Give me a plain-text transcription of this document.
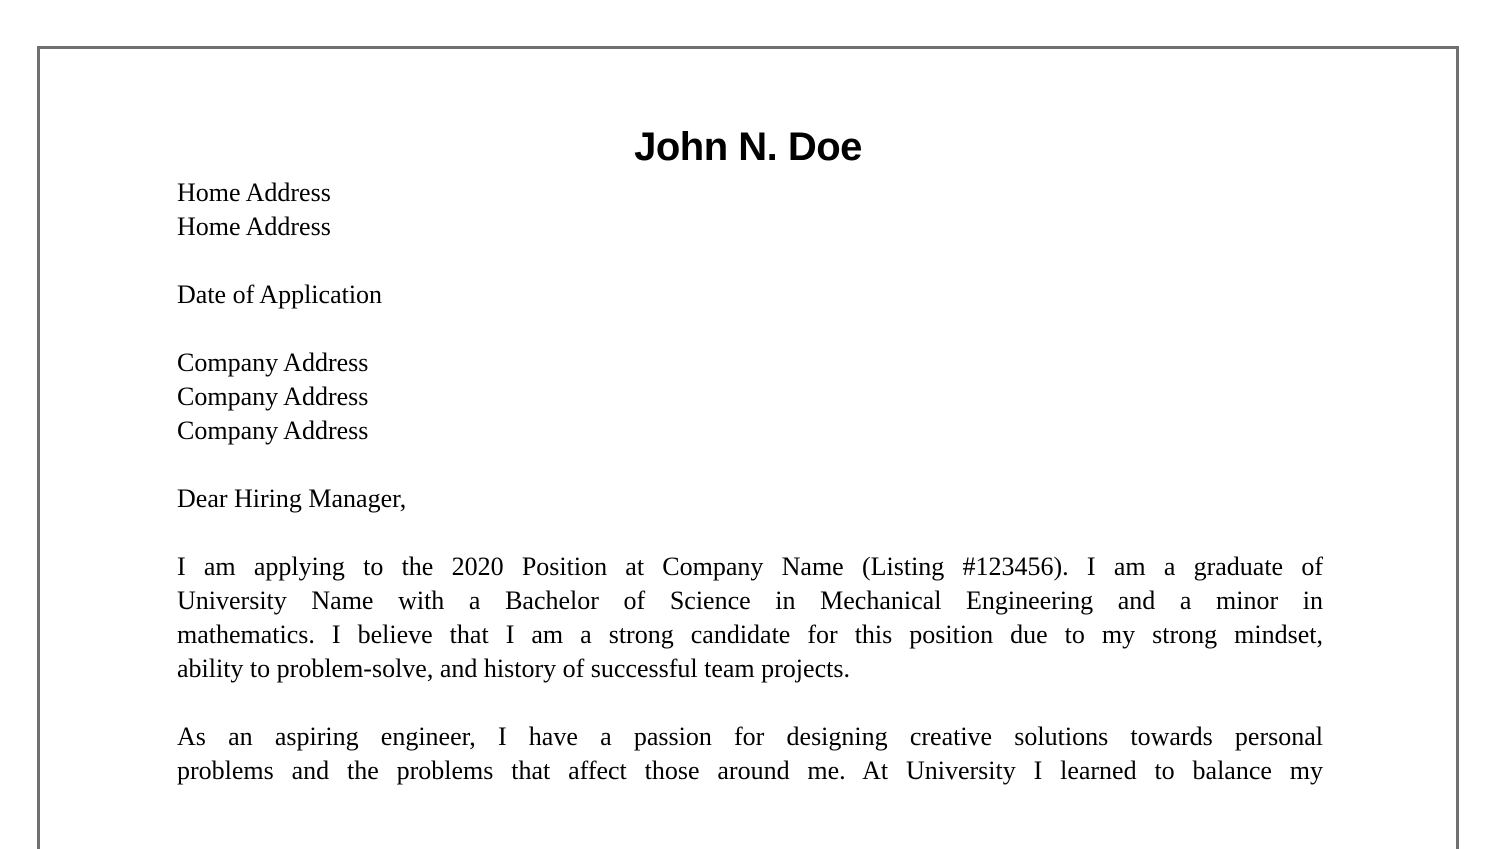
John N. Doe
Home Address
Home Address
Date of Application
Company Address
Company Address
Company Address
Dear Hiring Manager,
I am applying to the 2020 Position at Company Name (Listing #123456). I am a graduate of
University Name with a Bachelor of Science in Mechanical Engineering and a minor in
mathematics. I believe that I am a strong candidate for this position due to my strong mindset,
ability to problem-solve, and history of successful team projects.
As an aspiring engineer, I have a passion for designing creative solutions towards personal
problems and the problems that affect those around me. At University I learned to balance my
